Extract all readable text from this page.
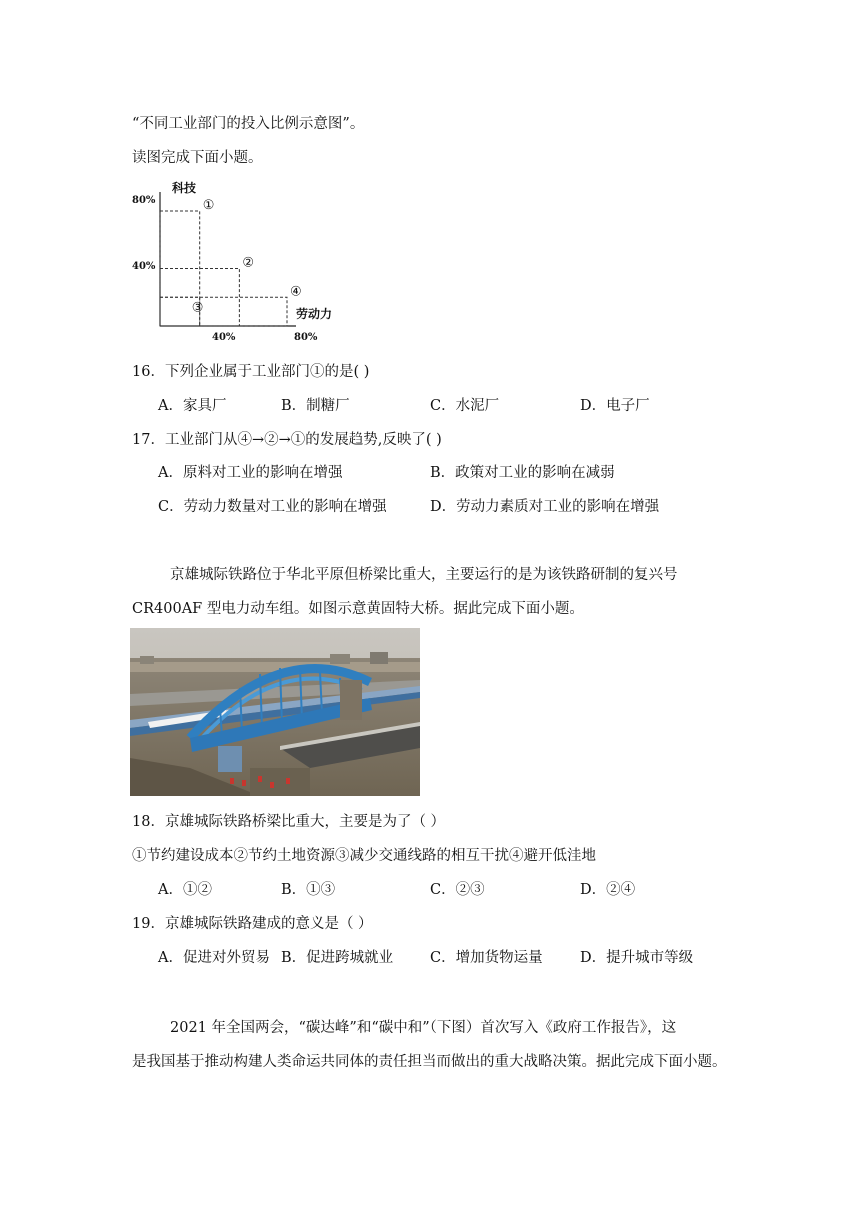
“不同工业部门的投入比例示意图”。
读图完成下面小题。
科技
劳动力
80%
40%
40%	80%
①
②
③
④
16．下列企业属于工业部门①的是( )
A．家具厂	B．制糖厂	C．水泥厂	D．电子厂
17．工业部门从④→②→①的发展趋势,反映了( )
A．原料对工业的影响在增强	B．政策对工业的影响在减弱
C．劳动力数量对工业的影响在增强	D．劳动力素质对工业的影响在增强
京雄城际铁路位于华北平原但桥梁比重大，主要运行的是为该铁路研制的复兴号
CR400AF 型电力动车组。如图示意黄固特大桥。据此完成下面小题。
18．京雄城际铁路桥梁比重大，主要是为了（ ）
①节约建设成本②节约土地资源③减少交通线路的相互干扰④避开低洼地
A．①②	B．①③	C．②③	D．②④
19．京雄城际铁路建成的意义是（ ）
A．促进对外贸易 B．促进跨城就业	C．增加货物运量	D．提升城市等级
2021 年全国两会，“碳达峰”和“碳中和”（下图）首次写入《政府工作报告》，这
是我国基于推动构建人类命运共同体的责任担当而做出的重大战略决策。据此完成下面小题。
